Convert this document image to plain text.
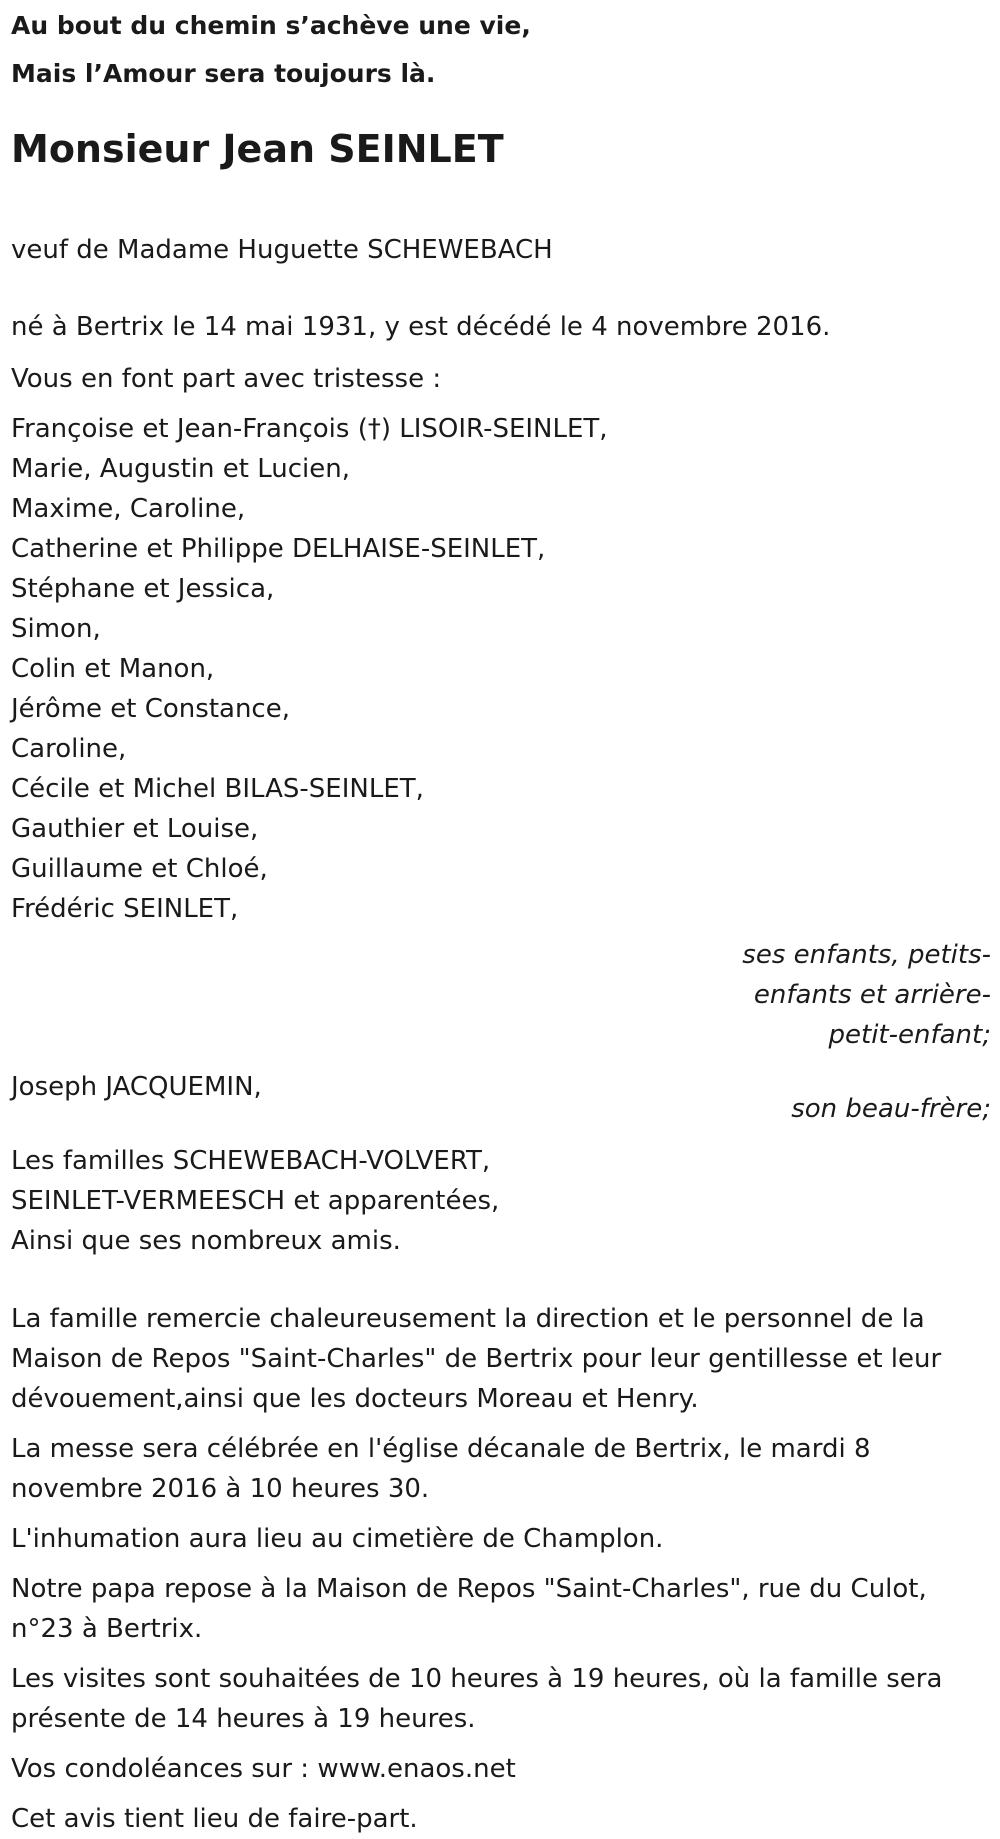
Au bout du chemin s’achève une vie,
Mais l’Amour sera toujours là.
Monsieur Jean SEINLET
veuf de Madame Huguette SCHEWEBACH
né à Bertrix le 14 mai 1931, y est décédé le 4 novembre 2016.
Vous en font part avec tristesse :
Françoise et Jean-François (†) LISOIR-SEINLET,
Marie, Augustin et Lucien,
Maxime, Caroline,
Catherine et Philippe DELHAISE-SEINLET,
Stéphane et Jessica,
Simon,
Colin et Manon,
Jérôme et Constance,
Caroline,
Cécile et Michel BILAS-SEINLET,
Gauthier et Louise,
Guillaume et Chloé,
Frédéric SEINLET,
ses enfants, petits-
enfants et arrière-
petit-enfant;
Joseph JACQUEMIN,
son beau-frère;
Les familles SCHEWEBACH-VOLVERT,
SEINLET-VERMEESCH et apparentées,
Ainsi que ses nombreux amis.
La famille remercie chaleureusement la direction et le personnel de la
Maison de Repos "Saint-Charles" de Bertrix pour leur gentillesse et leur
dévouement,ainsi que les docteurs Moreau et Henry.
La messe sera célébrée en l'église décanale de Bertrix, le mardi 8
novembre 2016 à 10 heures 30.
L'inhumation aura lieu au cimetière de Champlon.
Notre papa repose à la Maison de Repos "Saint-Charles", rue du Culot,
n°23 à Bertrix.
Les visites sont souhaitées de 10 heures à 19 heures, où la famille sera
présente de 14 heures à 19 heures.
Vos condoléances sur : www.enaos.net
Cet avis tient lieu de faire-part.
